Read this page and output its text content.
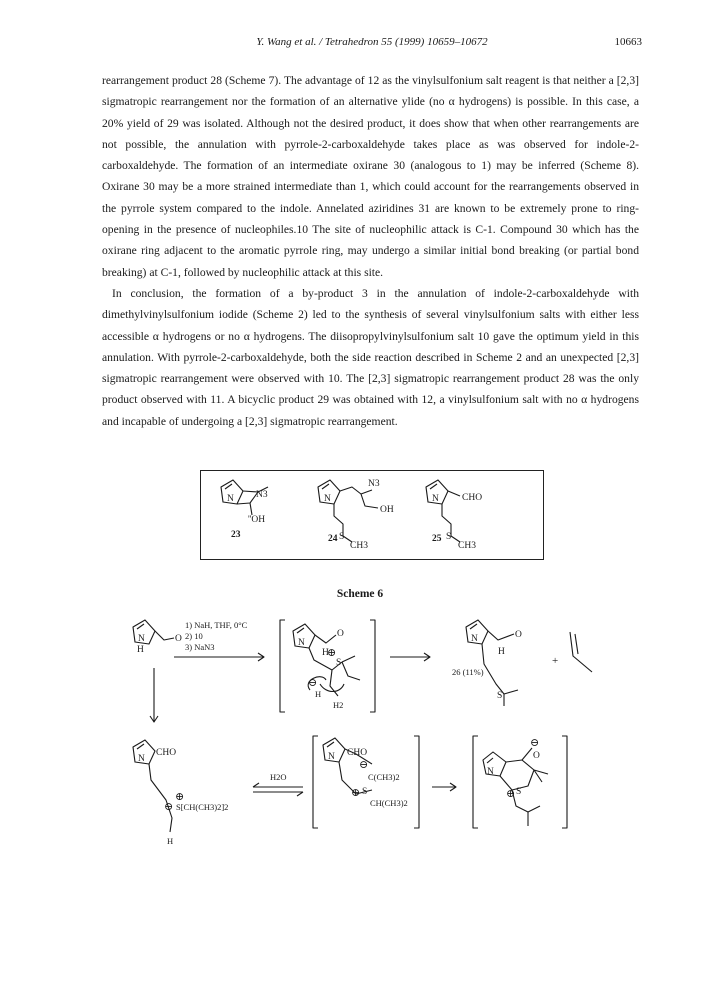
Y. Wang et al. / Tetrahedron 55 (1999) 10659–10672	10663

rearrangement product 28 (Scheme 7). The advantage of 12 as the vinylsulfonium salt reagent is that neither a [2,3] sigmatropic rearrangement nor the formation of an alternative ylide (no α hydrogens) is possible. In this case, a 20% yield of 29 was isolated. Although not the desired product, it does show that when other rearrangements are not possible, the annulation with pyrrole-2-carboxaldehyde takes place as was observed for indole-2-carboxaldehyde. The formation of an intermediate oxirane 30 (analogous to 1) may be inferred (Scheme 8). Oxirane 30 may be a more strained intermediate than 1, which could account for the rearrangements observed in the pyrrole system compared to the indole. Annelated aziridines 31 are known to be extremely prone to ring-opening in the presence of nucleophiles.10 The site of nucleophilic attack is C-1. Compound 30 which has the oxirane ring adjacent to the aromatic pyrrole ring, may undergo a similar initial bond breaking (or partial bond breaking) at C-1, followed by nucleophilic attack at this site.

In conclusion, the formation of a by-product 3 in the annulation of indole-2-carboxaldehyde with dimethylvinylsulfonium iodide (Scheme 2) led to the synthesis of several vinylsulfonium salts with either less accessible α hydrogens or no α hydrogens. The diisopropylvinylsulfonium salt 10 gave the optimum yield in this annulation. With pyrrole-2-carboxaldehyde, both the side reaction described in Scheme 2 and an unexpected [2,3] sigmatropic rearrangement were observed with 10. The [2,3] sigmatropic rearrangement product 28 was the only product observed with 11. A bicyclic product 29 was obtained with 12, a vinylsulfonium salt with no α hydrogens and incapable of undergoing a [2,3] sigmatropic rearrangement.

Scheme 6
N N3
''OH
23
N
N3
OH
24 S
CH3
N CHO
25 S
CH3
N
H
O
1) NaH, THF, 0°C
2) 10
3) NaN3	N
O
H
S
⊕
⊖
H
H2
N	O
H
S
26 (11%)
+
N
CHO
⊕
⊖ S[CH(CH3)2]2
H
H2O
N CHO
⊖
C(CH3)2
⊕ S
CH(CH3)2
N
⊖
O
⊕ S
